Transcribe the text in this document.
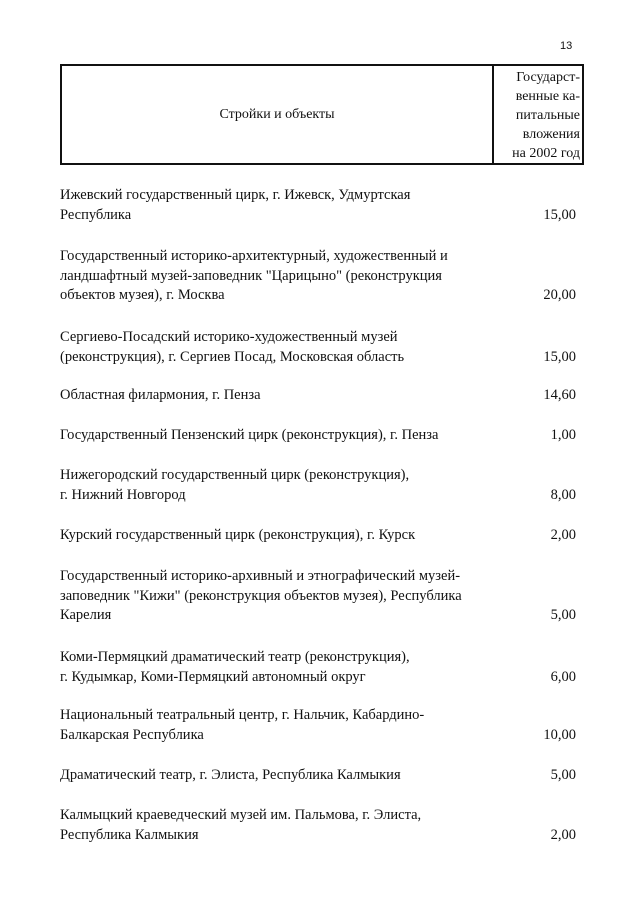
13
Стройки и объекты
Государст-
венные ка-
питальные
вложения
на 2002 год
Ижевский государственный цирк, г. Ижевск, Удмуртская
Республика	15,00
Государственный историко-архитектурный, художественный и
ландшафтный музей-заповедник "Царицыно" (реконструкция
объектов музея), г. Москва	20,00
Сергиево-Посадский историко-художественный музей
(реконструкция), г. Сергиев Посад, Московская область	15,00
Областная филармония, г. Пенза	14,60
Государственный Пензенский цирк (реконструкция), г. Пенза	1,00
Нижегородский государственный цирк (реконструкция),
г. Нижний Новгород	8,00
Курский государственный цирк (реконструкция), г. Курск	2,00
Государственный историко-архивный и этнографический музей-
заповедник "Кижи" (реконструкция объектов музея), Республика
Карелия	5,00
Коми-Пермяцкий драматический театр (реконструкция),
г. Кудымкар, Коми-Пермяцкий автономный округ	6,00
Национальный театральный центр, г. Нальчик, Кабардино-
Балкарская Республика	10,00
Драматический театр, г. Элиста, Республика Калмыкия	5,00
Калмыцкий краеведческий музей им. Пальмова, г. Элиста,
Республика Калмыкия	2,00
